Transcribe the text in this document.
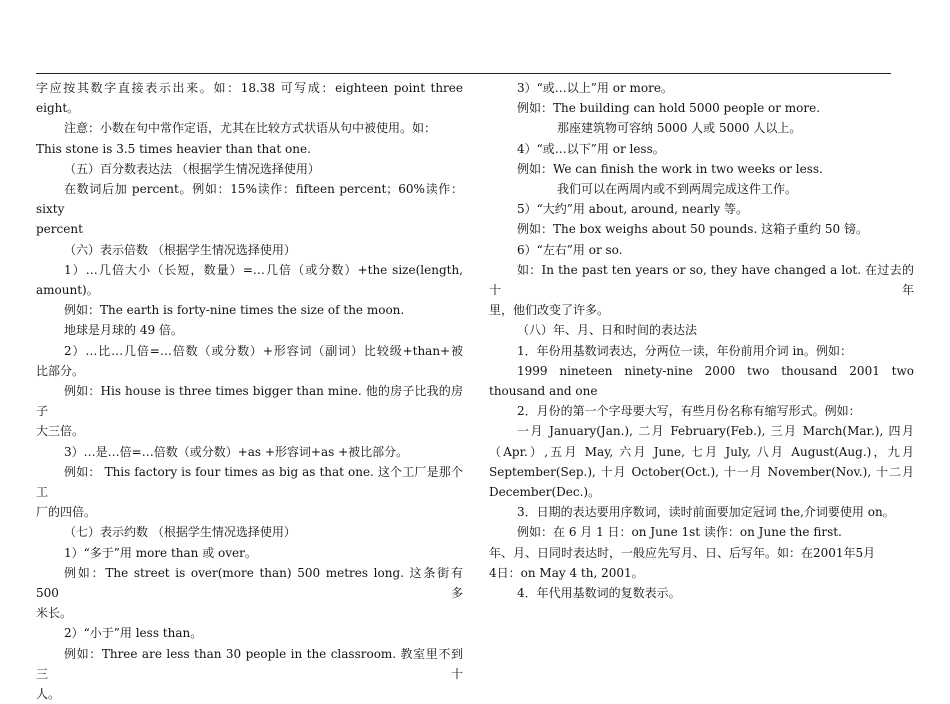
字应按其数字直接表示出来。如：18.38 可写成：eighteen point three eight。

注意：小数在句中常作定语，尤其在比较方式状语从句中被使用。如：

This stone is 3.5 times heavier than that one.

（五）百分数表达法 （根据学生情况选择使用）

在数词后加 percent。例如：15%读作：fifteen percent；60%读作：sixty

percent

（六）表示倍数 （根据学生情况选择使用）

1）…几倍大小（长短，数量）=…几倍（或分数）+the size(length,

amount)。

例如：The earth is forty-nine times the size of the moon.

地球是月球的 49 倍。

2）…比…几倍=…倍数（或分数）+形容词（副词）比较级+than+被

比部分。

例如：His house is three times bigger than mine. 他的房子比我的房子

大三倍。

3）…是…倍=…倍数（或分数）+as +形容词+as +被比部分。

例如： This factory is four times as big as that one. 这个工厂是那个工

厂的四倍。

（七）表示约数 （根据学生情况选择使用）

1）“多于”用 more than 或 over。

例如：The street is over(more than) 500 metres long. 这条街有 500 多

米长。

2）“小于”用 less than。

例如：Three are less than 30 people in the classroom. 教室里不到三十

人。

3）“或…以上”用 or more。

例如：The building can hold 5000 people or more.

那座建筑物可容纳 5000 人或 5000 人以上。

4）“或…以下”用 or less。

例如：We can finish the work in two weeks or less.

我们可以在两周内或不到两周完成这件工作。

5）“大约”用 about, around, nearly 等。

例如：The box weighs about 50 pounds. 这箱子重约 50 镑。

6）“左右”用 or so.

如：In the past ten years or so, they have changed a lot. 在过去的十年

里，他们改变了许多。

（八）年、月、日和时间的表达法

1．年份用基数词表达，分两位一读，年份前用介词 in。例如：

1999 nineteen ninety-nine 2000 two thousand 2001 two

thousand and one

2．月份的第一个字母要大写，有些月份名称有缩写形式。例如：

一月 January(Jan.), 二月 February(Feb.), 三月 March(Mar.), 四月

（Apr.）,五月 May, 六月 June, 七月 July, 八月 August(Aug.)，九月

September(Sep.), 十月 October(Oct.), 十一月 November(Nov.), 十二月

December(Dec.)。

3．日期的表达要用序数词，读时前面要加定冠词 the,介词要使用 on。

例如：在 6 月 1 日：on June 1st 读作：on June the first.

年、月、日同时表达时，一般应先写月、日、后写年。如：在2001年5月

4日：on May 4 th, 2001。

4．年代用基数词的复数表示。
